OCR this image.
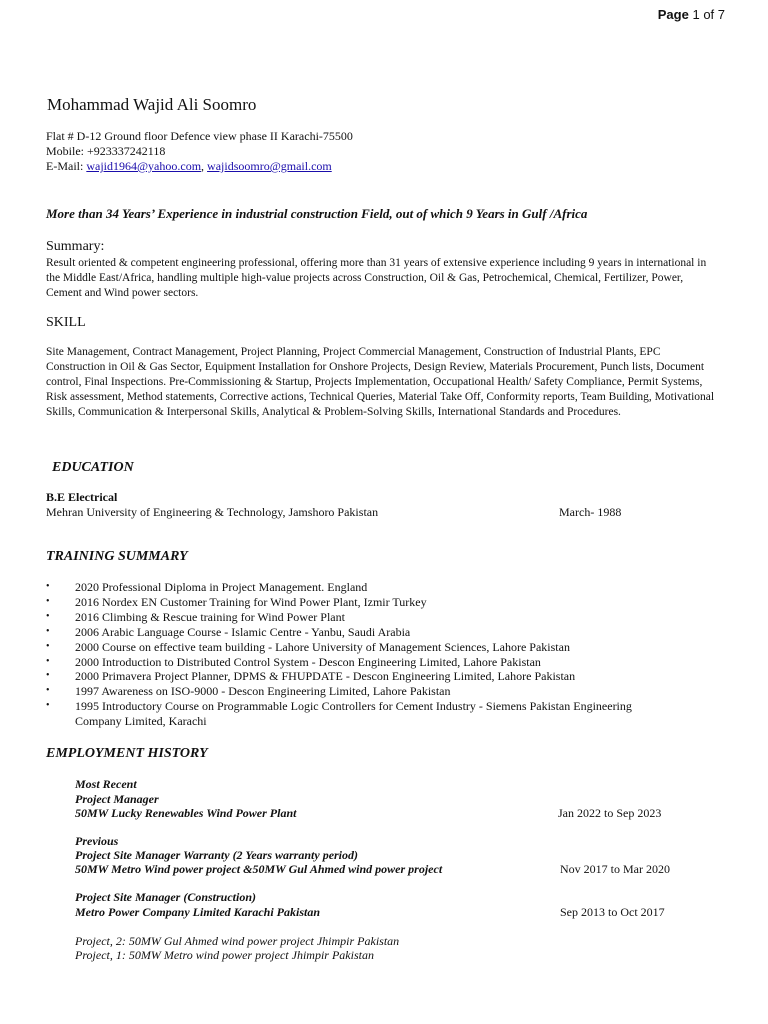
Page 1 of 7
Mohammad Wajid Ali Soomro
Flat # D-12 Ground floor Defence view phase II Karachi-75500
Mobile: +923337242118
E-Mail: wajid1964@yahoo.com, wajidsoomro@gmail.com
More than 34 Years’ Experience in industrial construction Field, out of which 9 Years in Gulf /Africa
Summary:
Result oriented & competent engineering professional, offering more than 31 years of extensive experience including 9 years in international in the Middle East/Africa, handling multiple high-value projects across Construction, Oil & Gas, Petrochemical, Chemical, Fertilizer, Power, Cement and Wind power sectors.
SKILL
Site Management, Contract Management, Project Planning, Project Commercial Management, Construction of Industrial Plants, EPC Construction in Oil & Gas Sector, Equipment Installation for Onshore Projects, Design Review, Materials Procurement, Punch lists, Document control, Final Inspections. Pre-Commissioning & Startup, Projects Implementation, Occupational Health/ Safety Compliance, Permit Systems, Risk assessment, Method statements, Corrective actions, Technical Queries, Material Take Off, Conformity reports, Team Building, Motivational Skills, Communication & Interpersonal Skills, Analytical & Problem-Solving Skills, International Standards and Procedures.
EDUCATION
B.E Electrical
Mehran University of Engineering & Technology, Jamshoro Pakistan	March- 1988
TRAINING SUMMARY
• 2020 Professional Diploma in Project Management. England
• 2016 Nordex EN Customer Training for Wind Power Plant, Izmir Turkey
• 2016 Climbing & Rescue training for Wind Power Plant
• 2006 Arabic Language Course - Islamic Centre - Yanbu, Saudi Arabia
• 2000 Course on effective team building - Lahore University of Management Sciences, Lahore Pakistan
• 2000 Introduction to Distributed Control System - Descon Engineering Limited, Lahore Pakistan
• 2000 Primavera Project Planner, DPMS & FHUPDATE - Descon Engineering Limited, Lahore Pakistan
• 1997 Awareness on ISO-9000 - Descon Engineering Limited, Lahore Pakistan
• 1995 Introductory Course on Programmable Logic Controllers for Cement Industry - Siemens Pakistan Engineering Company Limited, Karachi
EMPLOYMENT HISTORY
Most Recent
Project Manager
50MW Lucky Renewables Wind Power Plant	Jan 2022 to Sep 2023
Previous
Project Site Manager Warranty (2 Years warranty period)
50MW Metro Wind power project &50MW Gul Ahmed wind power project	Nov 2017 to Mar 2020
Project Site Manager (Construction)
Metro Power Company Limited Karachi Pakistan	Sep 2013 to Oct 2017
Project, 2: 50MW Gul Ahmed wind power project Jhimpir Pakistan
Project, 1: 50MW Metro wind power project Jhimpir Pakistan
